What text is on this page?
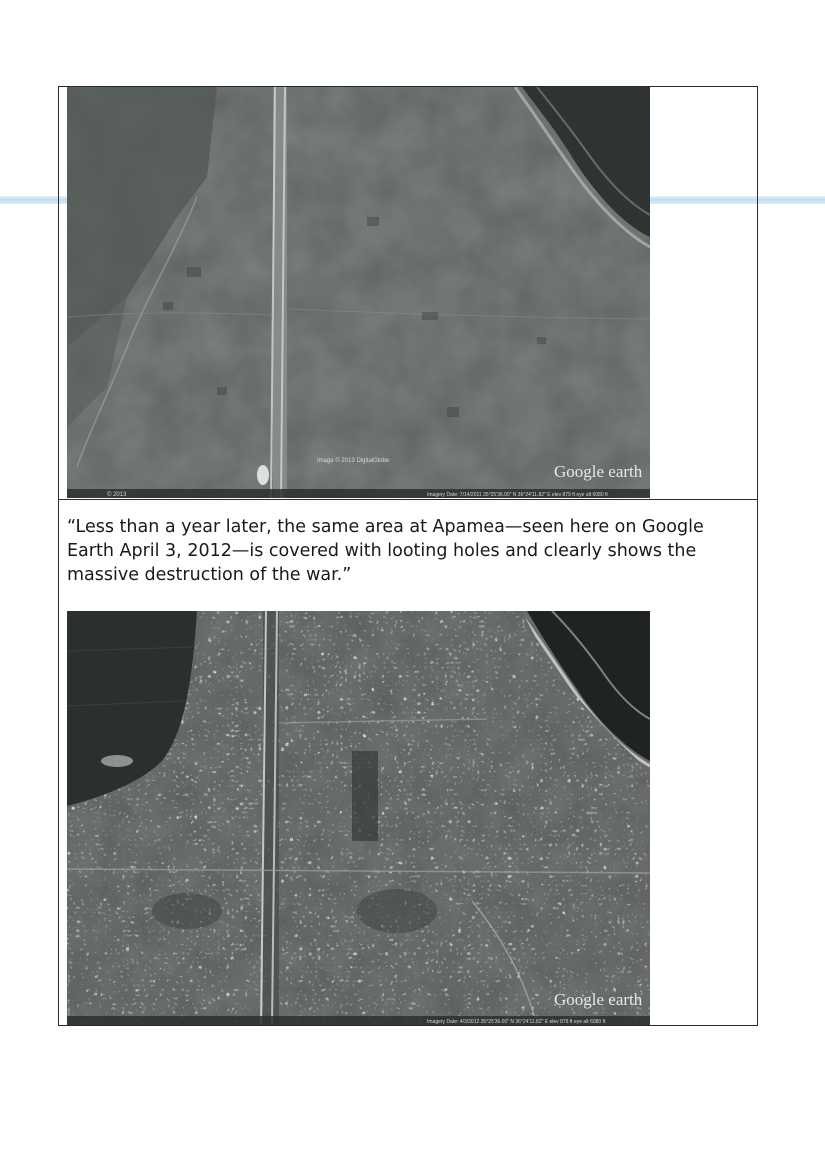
Image © 2013 DigitalGlobe
Google earth
© 2013	Imagery Date: 7/14/2011 35°25'36.00" N 36°24'11.82" E elev 879 ft eye alt 6080 ft

“Less than a year later, the same area at Apamea—seen here on Google Earth April 3, 2012—is covered with looting holes and clearly shows the massive destruction of the war.”

Google earth
Imagery Date: 4/3/2012 35°25'36.00" N 36°24'11.82" E elev 879 ft eye alt 6080 ft
